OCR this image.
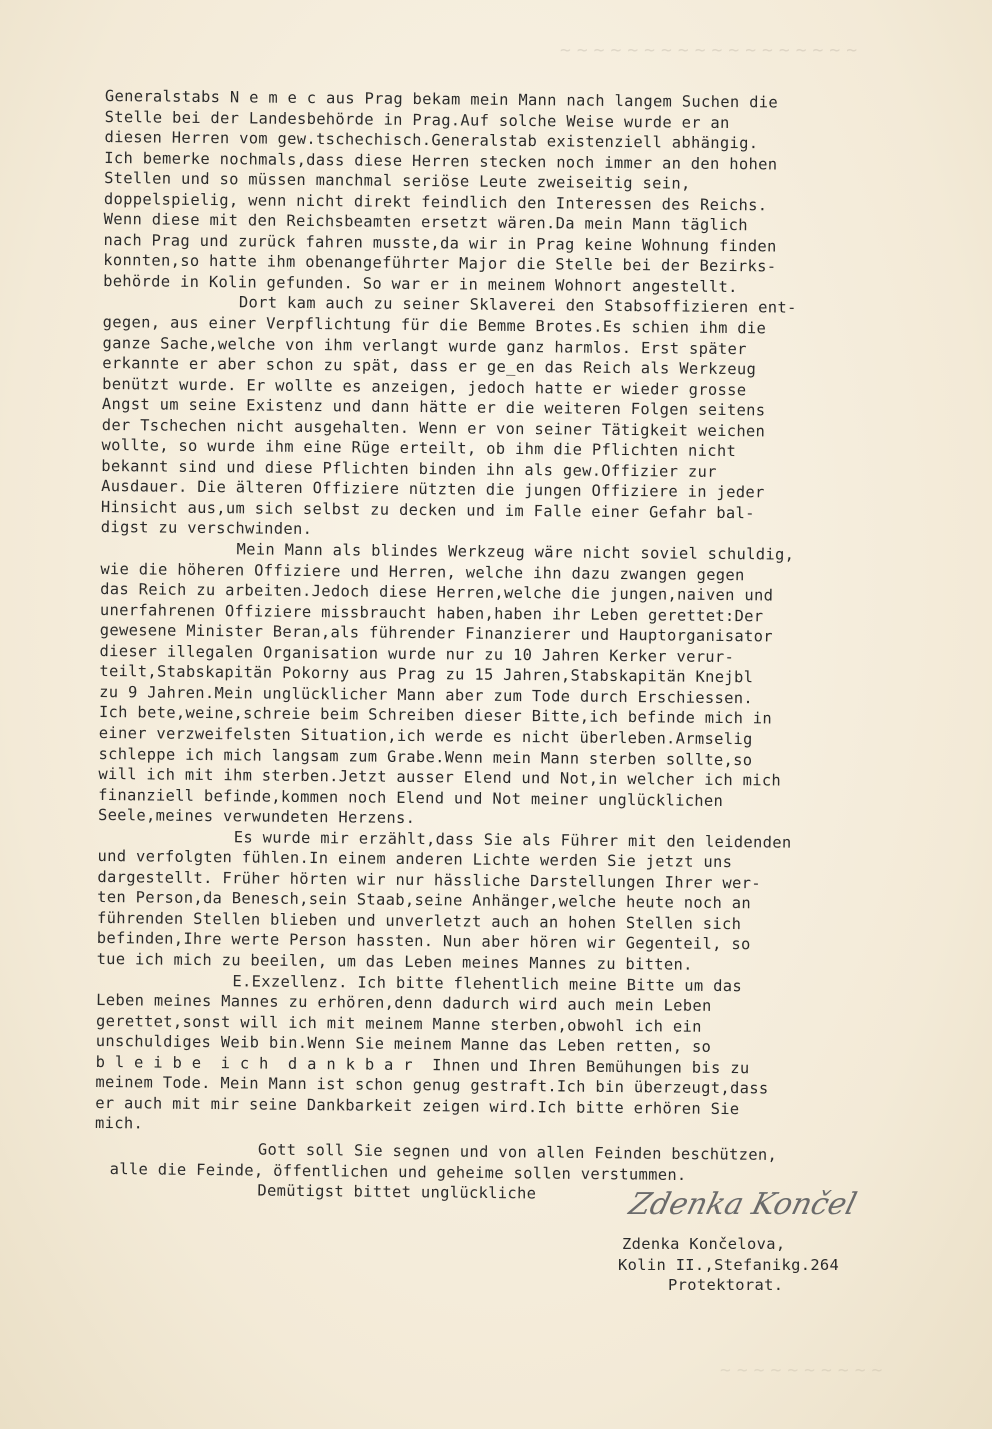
~~~~~~~~~~~~~~~~~~
~~~~~~~~~~
Generalstabs N e m e c aus Prag bekam mein Mann nach langem Suchen die
Stelle bei der Landesbehörde in Prag.Auf solche Weise wurde er an
diesen Herren vom gew.tschechisch.Generalstab existenziell abhängig.
Ich bemerke nochmals,dass diese Herren stecken noch immer an den hohen
Stellen und so müssen manchmal seriöse Leute zweiseitig sein,
doppelspielig, wenn nicht direkt feindlich den Interessen des Reichs.
Wenn diese mit den Reichsbeamten ersetzt wären.Da mein Mann täglich
nach Prag und zurück fahren musste,da wir in Prag keine Wohnung finden
konnten,so hatte ihm obenangeführter Major die Stelle bei der Bezirks-
behörde in Kolin gefunden. So war er in meinem Wohnort angestellt.
Dort kam auch zu seiner Sklaverei den Stabsoffizieren ent-
gegen, aus einer Verpflichtung für die Bemme Brotes.Es schien ihm die
ganze Sache,welche von ihm verlangt wurde ganz harmlos. Erst später
erkannte er aber schon zu spät, dass er ge_en das Reich als Werkzeug
benützt wurde. Er wollte es anzeigen, jedoch hatte er wieder grosse
Angst um seine Existenz und dann hätte er die weiteren Folgen seitens
der Tschechen nicht ausgehalten. Wenn er von seiner Tätigkeit weichen
wollte, so wurde ihm eine Rüge erteilt, ob ihm die Pflichten nicht
bekannt sind und diese Pflichten binden ihn als gew.Offizier zur
Ausdauer. Die älteren Offiziere nützten die jungen Offiziere in jeder
Hinsicht aus,um sich selbst zu decken und im Falle einer Gefahr bal-
digst zu verschwinden.
Mein Mann als blindes Werkzeug wäre nicht soviel schuldig,
wie die höheren Offiziere und Herren, welche ihn dazu zwangen gegen
das Reich zu arbeiten.Jedoch diese Herren,welche die jungen,naiven und
unerfahrenen Offiziere missbraucht haben,haben ihr Leben gerettet:Der
gewesene Minister Beran,als führender Finanzierer und Hauptorganisator
dieser illegalen Organisation wurde nur zu 10 Jahren Kerker verur-
teilt,Stabskapitän Pokorny aus Prag zu 15 Jahren,Stabskapitän Knejbl
zu 9 Jahren.Mein unglücklicher Mann aber zum Tode durch Erschiessen.
Ich bete,weine,schreie beim Schreiben dieser Bitte,ich befinde mich in
einer verzweifelsten Situation,ich werde es nicht überleben.Armselig
schleppe ich mich langsam zum Grabe.Wenn mein Mann sterben sollte,so
will ich mit ihm sterben.Jetzt ausser Elend und Not,in welcher ich mich
finanziell befinde,kommen noch Elend und Not meiner unglücklichen
Seele,meines verwundeten Herzens.
Es wurde mir erzählt,dass Sie als Führer mit den leidenden
und verfolgten fühlen.In einem anderen Lichte werden Sie jetzt uns
dargestellt. Früher hörten wir nur hässliche Darstellungen Ihrer wer-
ten Person,da Benesch,sein Staab,seine Anhänger,welche heute noch an
führenden Stellen blieben und unverletzt auch an hohen Stellen sich
befinden,Ihre werte Person hassten. Nun aber hören wir Gegenteil, so
tue ich mich zu beeilen, um das Leben meines Mannes zu bitten.
E.Exzellenz. Ich bitte flehentlich meine Bitte um das
Leben meines Mannes zu erhören,denn dadurch wird auch mein Leben
gerettet,sonst will ich mit meinem Manne sterben,obwohl ich ein
unschuldiges Weib bin.Wenn Sie meinem Manne das Leben retten, so
b l e i b e  i c h  d a n k b a r  Ihnen und Ihren Bemühungen bis zu
meinem Tode. Mein Mann ist schon genug gestraft.Ich bin überzeugt,dass
er auch mit mir seine Dankbarkeit zeigen wird.Ich bitte erhören Sie
mich.
Gott soll Sie segnen und von allen Feinden beschützen,
alle die Feinde, öffentlichen und geheime sollen verstummen.
Demütigst bittet unglückliche	Zdenka Končel
Zdenka Končelova,
Kolin II.,Stefanikg.264
Protektorat.
